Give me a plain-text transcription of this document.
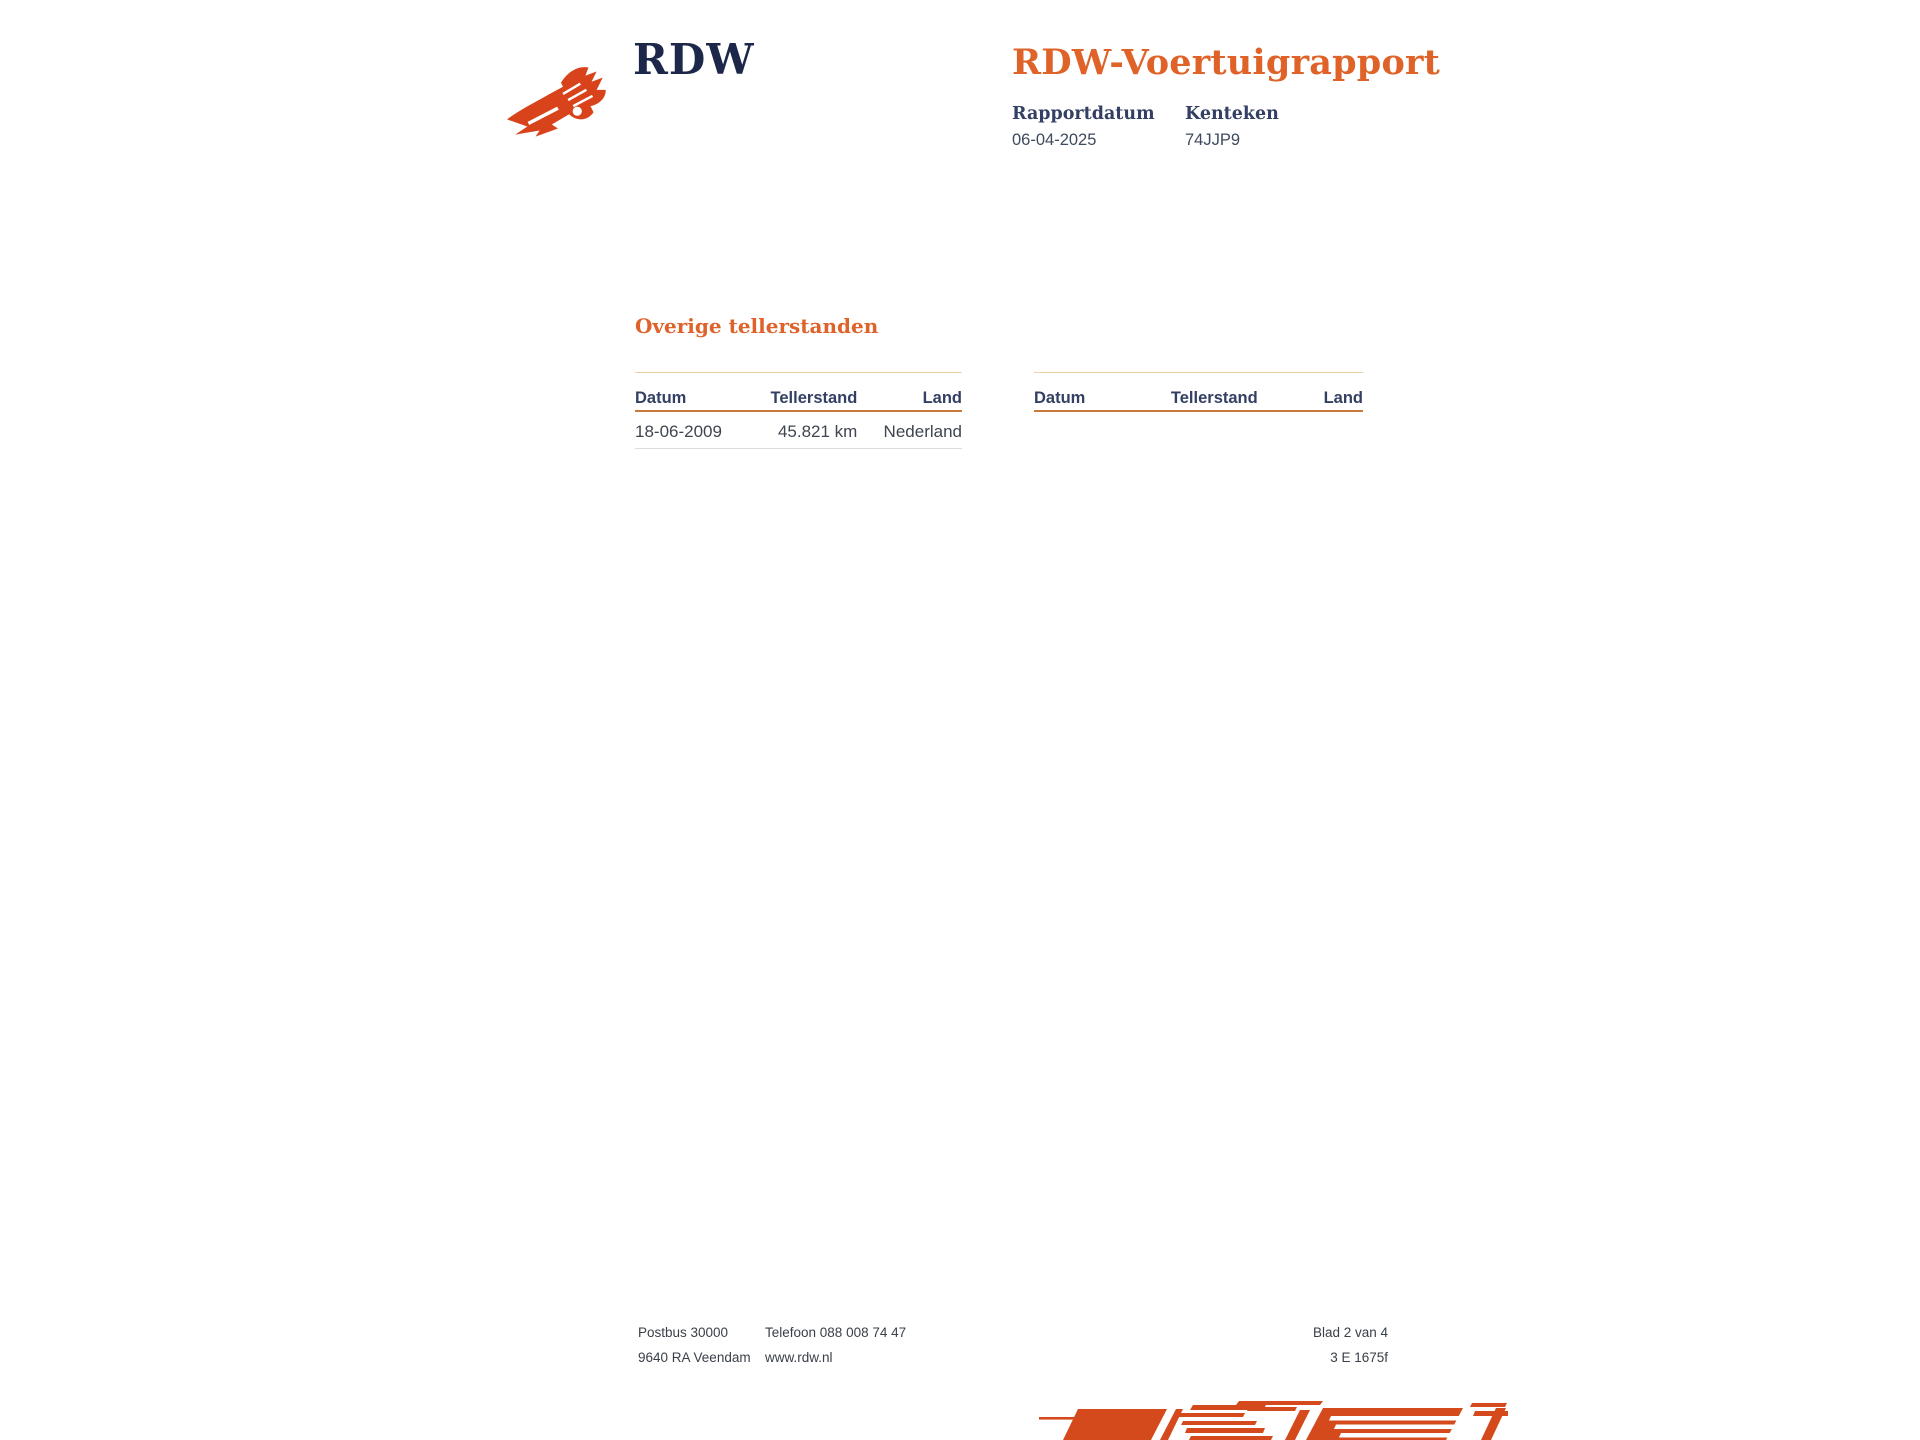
RDW	RDW-Voertuigrapport
Rapportdatum
06-04-2025
Kenteken
74JJP9
Overige tellerstanden
Datum	Tellerstand	Land
18-06-2009	45.821 km	Nederland
Datum	Tellerstand	Land
Postbus 30000	Telefoon 088 008 74 47	Blad 2 van 4
9640 RA Veendam	www.rdw.nl	3 E 1675f
